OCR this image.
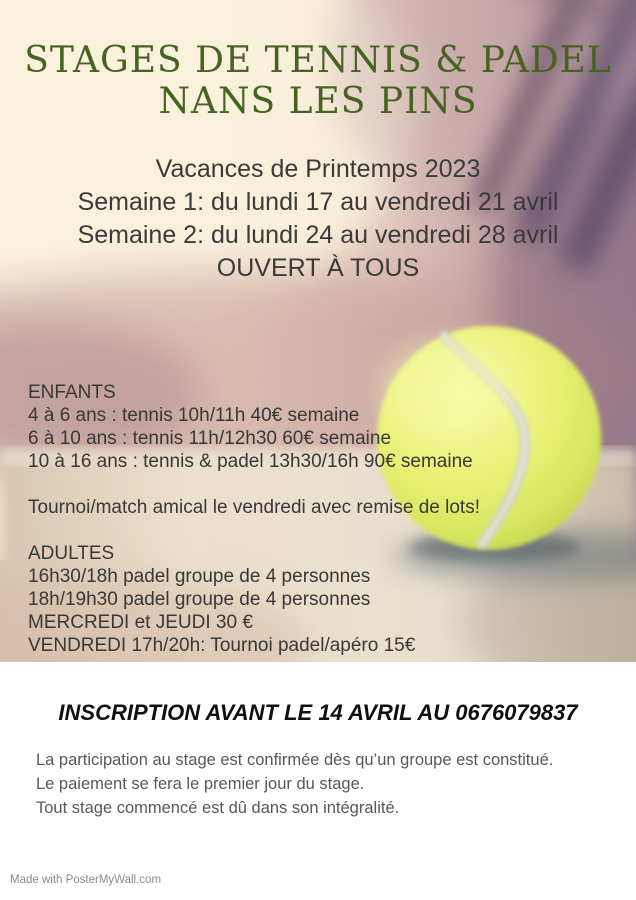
STAGES DE TENNIS & PADEL
NANS LES PINS
Vacances de Printemps 2023
Semaine 1: du lundi 17 au vendredi 21 avril
Semaine 2: du lundi 24 au vendredi 28 avril
OUVERT À TOUS
ENFANTS
4 à 6 ans : tennis 10h/11h 40€ semaine
6 à 10 ans : tennis 11h/12h30 60€ semaine
10 à 16 ans : tennis & padel 13h30/16h 90€ semaine
Tournoi/match amical le vendredi avec remise de lots!
ADULTES
16h30/18h padel groupe de 4 personnes
18h/19h30 padel groupe de 4 personnes
MERCREDI et JEUDI 30 €
VENDREDI 17h/20h: Tournoi padel/apéro 15€
INSCRIPTION AVANT LE 14 AVRIL AU 0676079837
La participation au stage est confirmée dès qu’un groupe est constitué.
Le paiement se fera le premier jour du stage.
Tout stage commencé est dû dans son intégralité.
Made with PosterMyWall.com
